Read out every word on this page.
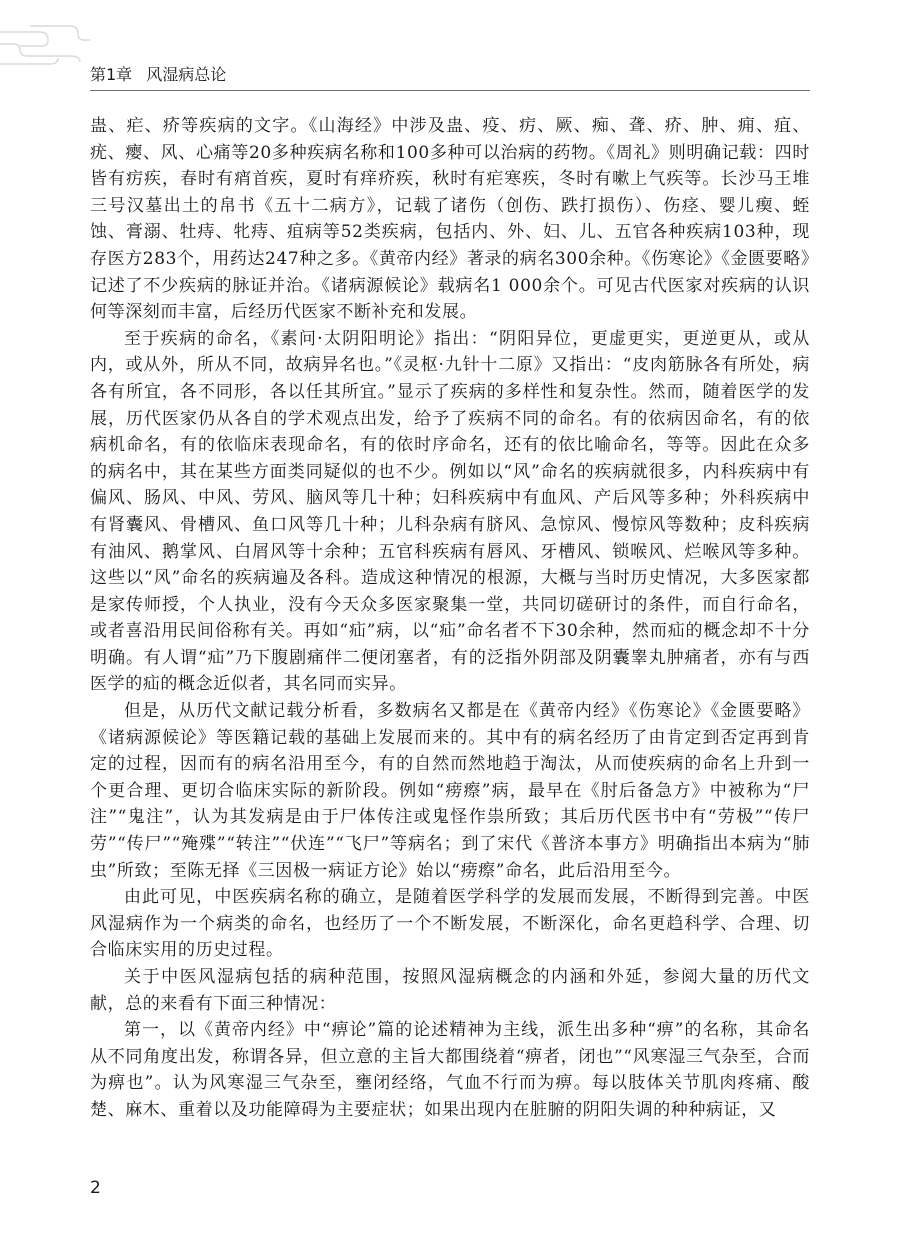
第1章 风湿病总论

蛊、疟、疥等疾病的文字。《山海经》中涉及蛊、疫、疠、厥、痴、聋、疥、肿、痈、疽、疣、瘿、风、心痛等20多种疾病名称和100多种可以治病的药物。《周礼》则明确记载：四时皆有疠疾，春时有痟首疾，夏时有痒疥疾，秋时有疟寒疾，冬时有嗽上气疾等。长沙马王堆三号汉墓出土的帛书《五十二病方》，记载了诸伤（创伤、跌打损伤）、伤痉、婴儿瘈、蛭蚀、膏溺、牡痔、牝痔、疽病等52类疾病，包括内、外、妇、儿、五官各种疾病103种，现存医方283个，用药达247种之多。《黄帝内经》著录的病名300余种。《伤寒论》《金匮要略》记述了不少疾病的脉证并治。《诸病源候论》载病名1 000余个。可见古代医家对疾病的认识何等深刻而丰富，后经历代医家不断补充和发展。

至于疾病的命名，《素问·太阴阳明论》指出：“阴阳异位，更虚更实，更逆更从，或从内，或从外，所从不同，故病异名也。”《灵枢·九针十二原》又指出：“皮肉筋脉各有所处，病各有所宜，各不同形，各以任其所宜。”显示了疾病的多样性和复杂性。然而，随着医学的发展，历代医家仍从各自的学术观点出发，给予了疾病不同的命名。有的依病因命名，有的依病机命名，有的依临床表现命名，有的依时序命名，还有的依比喻命名，等等。因此在众多的病名中，其在某些方面类同疑似的也不少。例如以“风”命名的疾病就很多，内科疾病中有偏风、肠风、中风、劳风、脑风等几十种；妇科疾病中有血风、产后风等多种；外科疾病中有肾囊风、骨槽风、鱼口风等几十种；儿科杂病有脐风、急惊风、慢惊风等数种；皮科疾病有油风、鹅掌风、白屑风等十余种；五官科疾病有唇风、牙槽风、锁喉风、烂喉风等多种。这些以“风”命名的疾病遍及各科。造成这种情况的根源，大概与当时历史情况，大多医家都是家传师授，个人执业，没有今天众多医家聚集一堂，共同切磋研讨的条件，而自行命名，或者喜沿用民间俗称有关。再如“疝”病，以“疝”命名者不下30余种，然而疝的概念却不十分明确。有人谓“疝”乃下腹剧痛伴二便闭塞者，有的泛指外阴部及阴囊睾丸肿痛者，亦有与西医学的疝的概念近似者，其名同而实异。

但是，从历代文献记载分析看，多数病名又都是在《黄帝内经》《伤寒论》《金匮要略》《诸病源候论》等医籍记载的基础上发展而来的。其中有的病名经历了由肯定到否定再到肯定的过程，因而有的病名沿用至今，有的自然而然地趋于淘汰，从而使疾病的命名上升到一个更合理、更切合临床实际的新阶段。例如“痨瘵”病，最早在《肘后备急方》中被称为“尸注”“鬼注”，认为其发病是由于尸体传注或鬼怪作祟所致；其后历代医书中有“劳极”“传尸劳”“传尸”“殗殜”“转注”“伏连”“飞尸”等病名；到了宋代《普济本事方》明确指出本病为“肺虫”所致；至陈无择《三因极一病证方论》始以“痨瘵”命名，此后沿用至今。

由此可见，中医疾病名称的确立，是随着医学科学的发展而发展，不断得到完善。中医风湿病作为一个病类的命名，也经历了一个不断发展，不断深化，命名更趋科学、合理、切合临床实用的历史过程。

关于中医风湿病包括的病种范围，按照风湿病概念的内涵和外延，参阅大量的历代文献，总的来看有下面三种情况：

第一，以《黄帝内经》中“痹论”篇的论述精神为主线，派生出多种“痹”的名称，其命名从不同角度出发，称谓各异，但立意的主旨大都围绕着“痹者，闭也”“风寒湿三气杂至，合而为痹也”。认为风寒湿三气杂至，壅闭经络，气血不行而为痹。每以肢体关节肌肉疼痛、酸楚、麻木、重着以及功能障碍为主要症状；如果出现内在脏腑的阴阳失调的种种病证，又

2
